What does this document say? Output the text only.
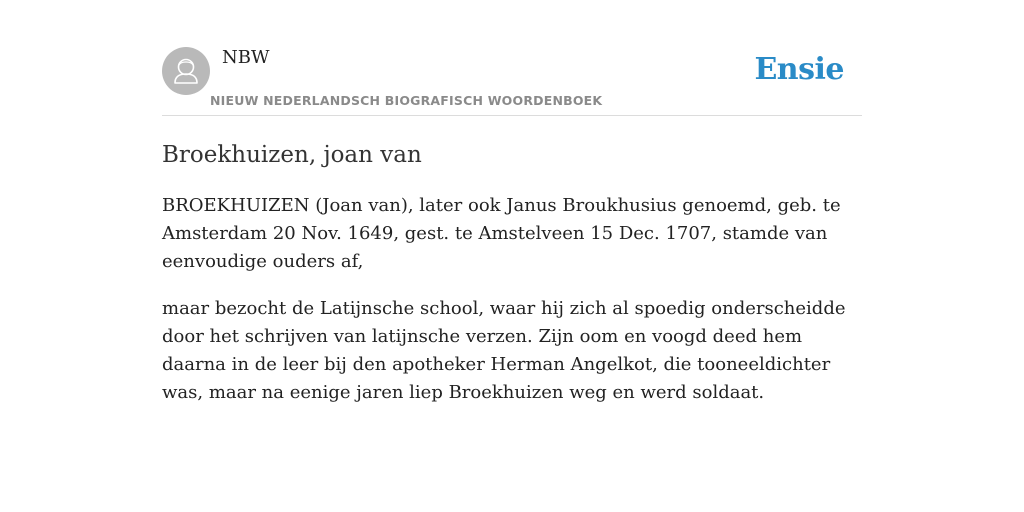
NBW
NIEUW NEDERLANDSCH BIOGRAFISCH WOORDENBOEK
Ensie
Broekhuizen, joan van

BROEKHUIZEN (Joan van), later ook Janus Broukhusius genoemd, geb. te Amsterdam 20 Nov. 1649, gest. te Amstelveen 15 Dec. 1707, stamde van eenvoudige ouders af,

maar bezocht de Latijnsche school, waar hij zich al spoedig onderscheidde door het schrijven van latijnsche verzen. Zijn oom en voogd deed hem daarna in de leer bij den apotheker Herman Angelkot, die tooneeldichter was, maar na eenige jaren liep Broekhuizen weg en werd soldaat.
